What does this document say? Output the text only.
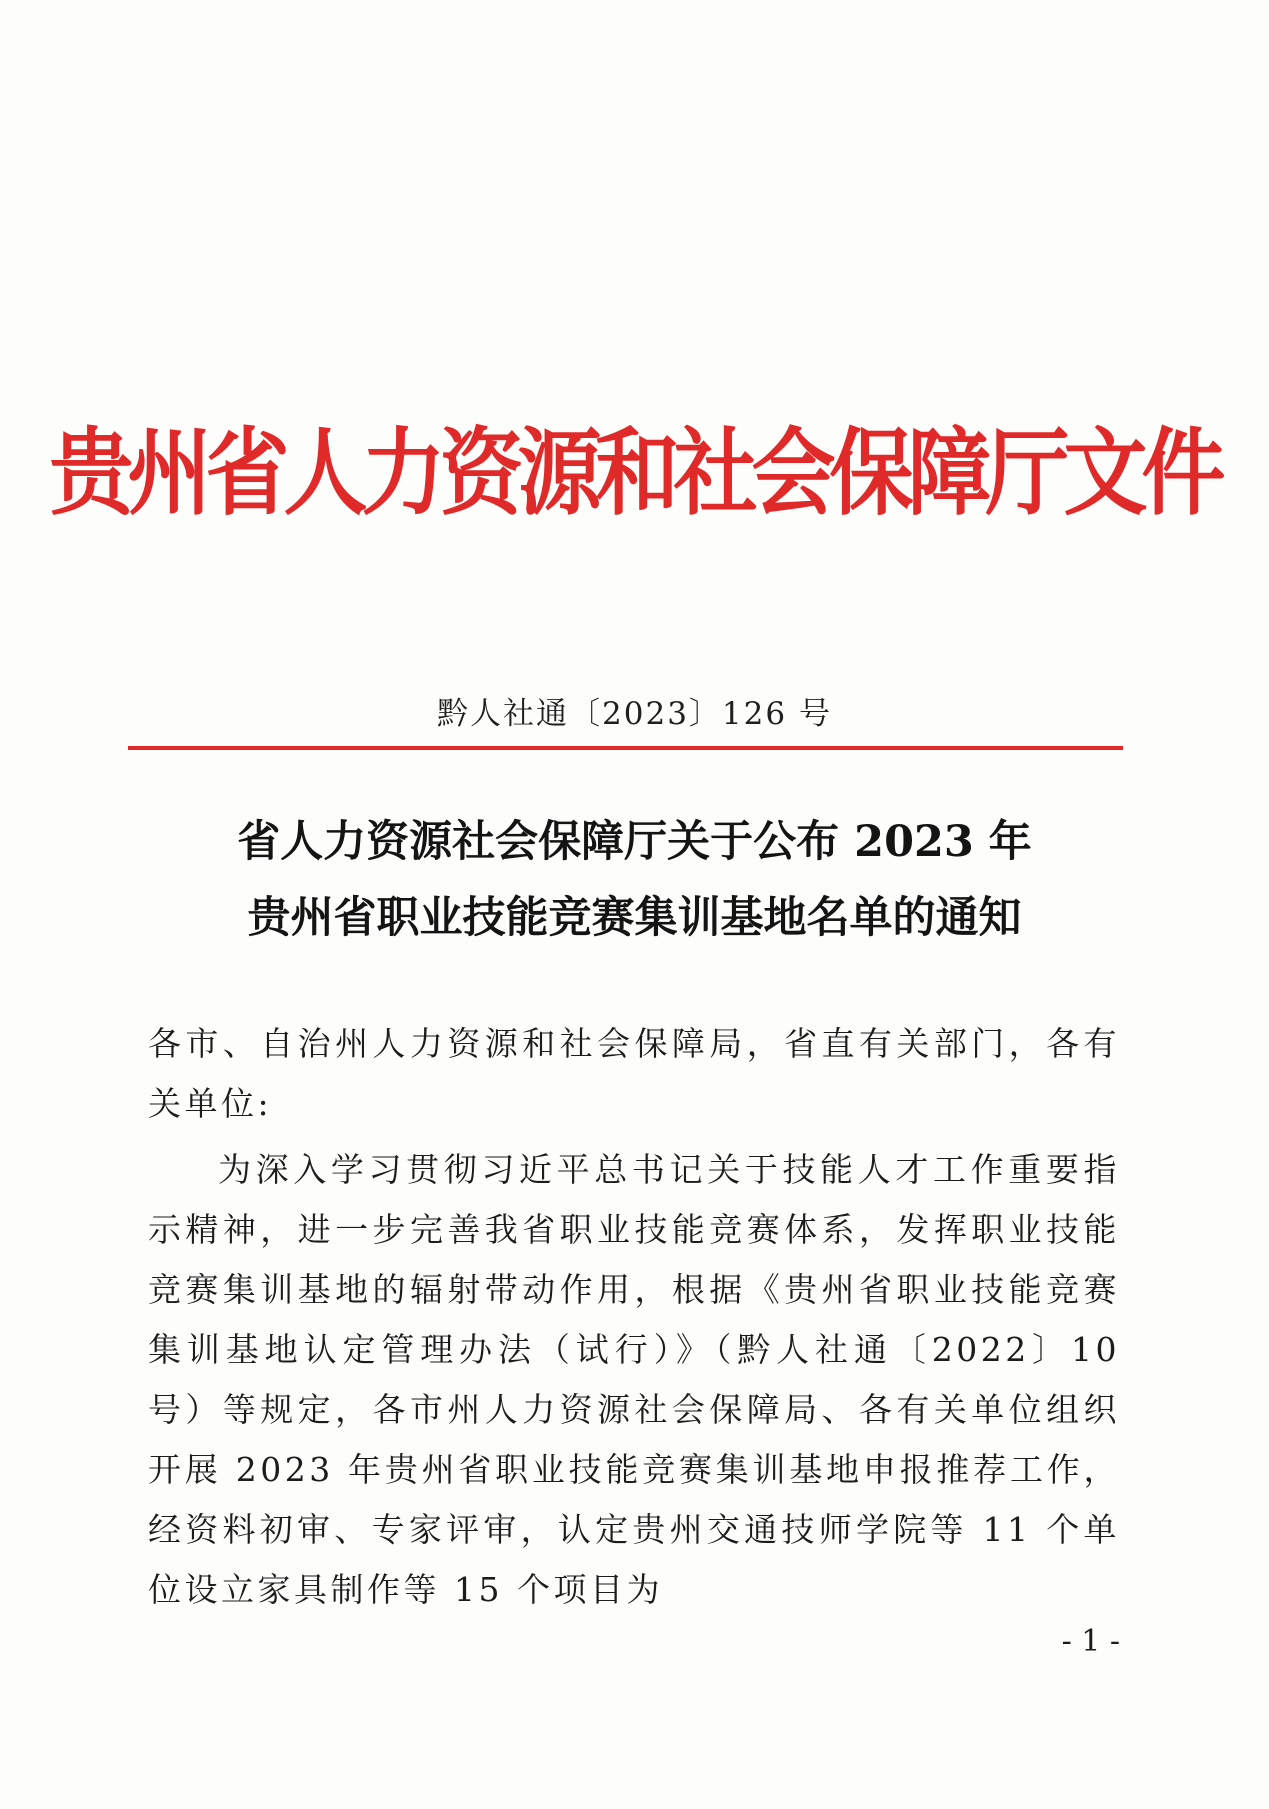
贵州省人力资源和社会保障厅文件
黔人社通〔2023〕126 号
省人力资源社会保障厅关于公布 2023 年
贵州省职业技能竞赛集训基地名单的通知
各市、自治州人力资源和社会保障局，省直有关部门，各有关单位:
为深入学习贯彻习近平总书记关于技能人才工作重要指示精神，进一步完善我省职业技能竞赛体系，发挥职业技能竞赛集训基地的辐射带动作用，根据《贵州省职业技能竞赛集训基地认定管理办法（试行）》（黔人社通〔2022〕10 号）等规定，各市州人力资源社会保障局、各有关单位组织开展 2023 年贵州省职业技能竞赛集训基地申报推荐工作，经资料初审、专家评审，认定贵州交通技师学院等 11 个单位设立家具制作等 15 个项目为
- 1 -
